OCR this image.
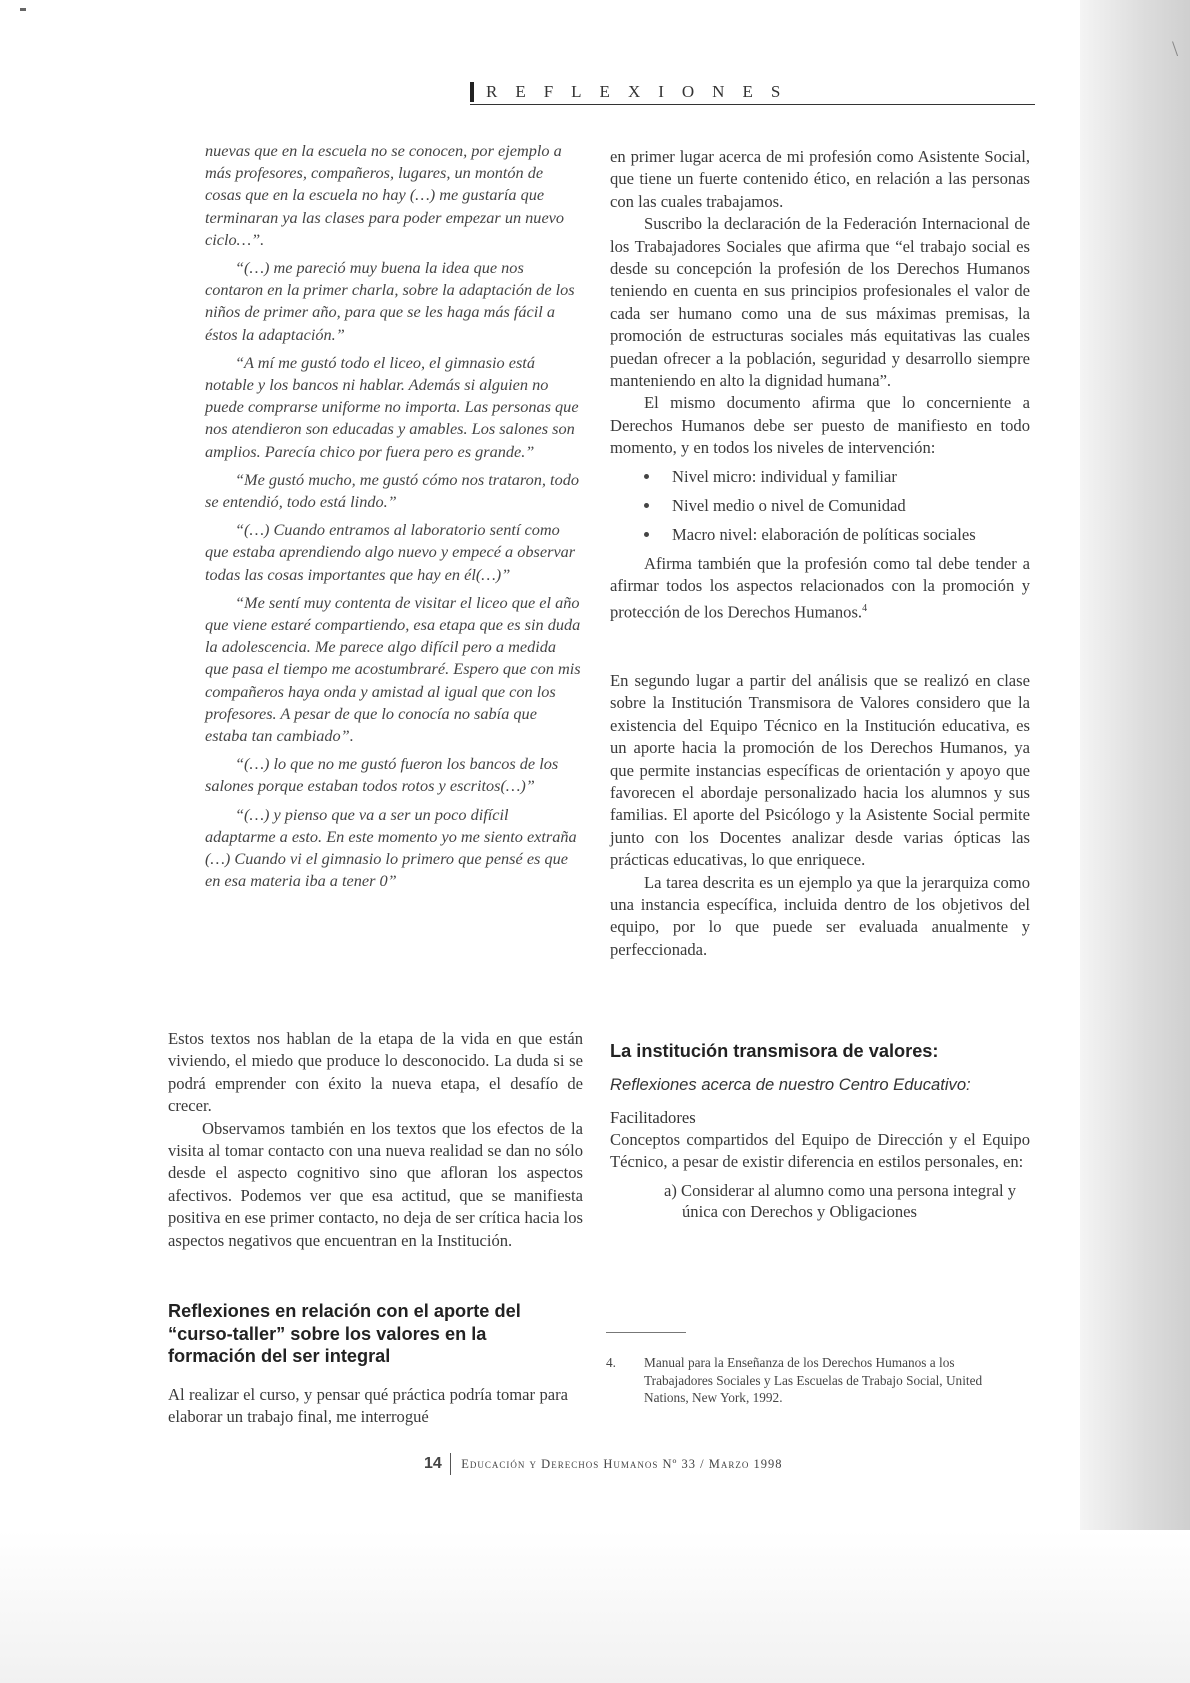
\
REFLEXIONES

nuevas que en la escuela no se conocen, por ejemplo a más profesores, compañeros, lugares, un montón de cosas que en la escuela no hay (…) me gustaría que terminaran ya las clases para poder empezar un nuevo ciclo…”.

“(…) me pareció muy buena la idea que nos contaron en la primer charla, sobre la adaptación de los niños de primer año, para que se les haga más fácil a éstos la adaptación.”

“A mí me gustó todo el liceo, el gimnasio está notable y los bancos ni hablar. Además si alguien no puede comprarse uniforme no importa. Las personas que nos atendieron son educadas y amables. Los salones son amplios. Parecía chico por fuera pero es grande.”

“Me gustó mucho, me gustó cómo nos trataron, todo se entendió, todo está lindo.”

“(…) Cuando entramos al laboratorio sentí como que estaba aprendiendo algo nuevo y empecé a observar todas las cosas importantes que hay en él(…)”

“Me sentí muy contenta de visitar el liceo que el año que viene estaré compartiendo, esa etapa que es sin duda la adolescencia. Me parece algo difícil pero a medida que pasa el tiempo me acostumbraré. Espero que con mis compañeros haya onda y amistad al igual que con los profesores. A pesar de que lo conocía no sabía que estaba tan cambiado”.

“(…) lo que no me gustó fueron los bancos de los salones porque estaban todos rotos y escritos(…)”

“(…) y pienso que va a ser un poco difícil adaptarme a esto. En este momento yo me siento extraña (…) Cuando vi el gimnasio lo primero que pensé es que en esa materia iba a tener 0”

Estos textos nos hablan de la etapa de la vida en que están viviendo, el miedo que produce lo desconocido. La duda si se podrá emprender con éxito la nueva etapa, el desafío de crecer.

Observamos también en los textos que los efectos de la visita al tomar contacto con una nueva realidad se dan no sólo desde el aspecto cognitivo sino que afloran los aspectos afectivos. Podemos ver que esa actitud, que se manifiesta positiva en ese primer contacto, no deja de ser crítica hacia los aspectos negativos que encuentran en la Institución.

Reflexiones en relación con el aporte del “curso-taller” sobre los valores en la formación del ser integral

Al realizar el curso, y pensar qué práctica podría tomar para elaborar un trabajo final, me interrogué

en primer lugar acerca de mi profesión como Asistente Social, que tiene un fuerte contenido ético, en relación a las personas con las cuales trabajamos.

Suscribo la declaración de la Federación Internacional de los Trabajadores Sociales que afirma que “el trabajo social es desde su concepción la profesión de los Derechos Humanos teniendo en cuenta en sus principios profesionales el valor de cada ser humano como una de sus máximas premisas, la promoción de estructuras sociales más equitativas las cuales puedan ofrecer a la población, seguridad y desarrollo siempre manteniendo en alto la dignidad humana”.

El mismo documento afirma que lo concerniente a Derechos Humanos debe ser puesto de manifiesto en todo momento, y en todos los niveles de intervención:

Nivel micro: individual y familiar
Nivel medio o nivel de Comunidad
Macro nivel: elaboración de políticas sociales

Afirma también que la profesión como tal debe tender a afirmar todos los aspectos relacionados con la promoción y protección de los Derechos Humanos.$^4$

En segundo lugar a partir del análisis que se realizó en clase sobre la Institución Transmisora de Valores considero que la existencia del Equipo Técnico en la Institución educativa, es un aporte hacia la promoción de los Derechos Humanos, ya que permite instancias específicas de orientación y apoyo que favorecen el abordaje personalizado hacia los alumnos y sus familias. El aporte del Psicólogo y la Asistente Social permite junto con los Docentes analizar desde varias ópticas las prácticas educativas, lo que enriquece.

La tarea descrita es un ejemplo ya que la jerarquiza como una instancia específica, incluida dentro de los objetivos del equipo, por lo que puede ser evaluada anualmente y perfeccionada.

La institución transmisora de valores:

Reflexiones acerca de nuestro Centro Educativo:

Facilitadores

Conceptos compartidos del Equipo de Dirección y el Equipo Técnico, a pesar de existir diferencia en estilos personales, en:

a) Considerar al alumno como una persona integral y única con Derechos y Obligaciones

4. Manual para la Enseñanza de los Derechos Humanos a los Trabajadores Sociales y Las Escuelas de Trabajo Social, United Nations, New York, 1992.
14 Educación y Derechos Humanos Nº 33 / Marzo 1998
